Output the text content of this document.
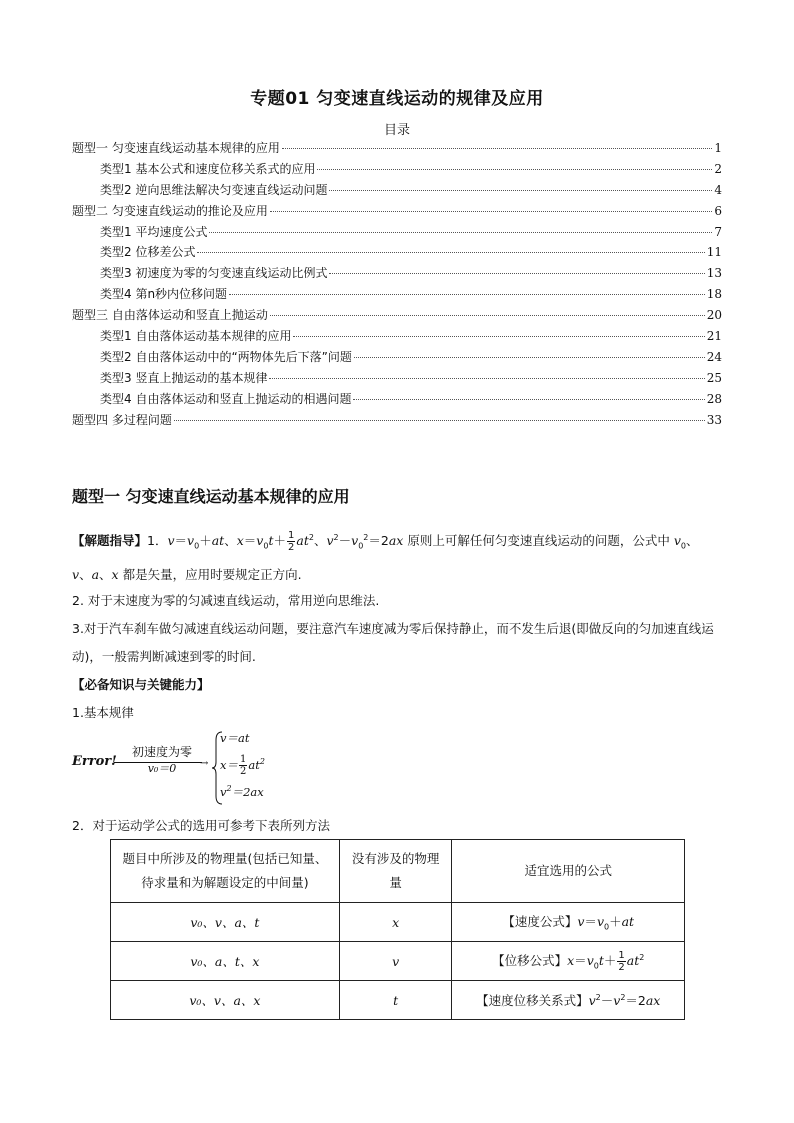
专题01 匀变速直线运动的规律及应用
目录
题型一 匀变速直线运动基本规律的应用	1
类型1 基本公式和速度位移关系式的应用	2
类型2 逆向思维法解决匀变速直线运动问题	4
题型二 匀变速直线运动的推论及应用	6
类型1 平均速度公式	7
类型2 位移差公式	11
类型3 初速度为零的匀变速直线运动比例式	13
类型4 第n秒内位移问题	18
题型三 自由落体运动和竖直上抛运动	20
类型1 自由落体运动基本规律的应用	21
类型2 自由落体运动中的“两物体先后下落”问题	24
类型3 竖直上抛运动的基本规律	25
类型4 自由落体运动和竖直上抛运动的相遇问题	28
题型四 多过程问题	33
题型一 匀变速直线运动基本规律的应用
【解题指导】1．$v=v_0+at$、$x=v_0t+ \frac{1}{2} at^2$、$v^2-v_0^2=2ax$ 原则上可解任何匀变速直线运动的问题，公式中 $v_0$、
v、a、x 都是矢量，应用时要规定正方向.
2. 对于末速度为零的匀减速直线运动，常用逆向思维法.
3.对于汽车刹车做匀减速直线运动问题，要注意汽车速度减为零后保持静止，而不发生后退(即做反向的匀加速直线运动)，一般需判断减速到零的时间.
【必备知识与关键能力】
1.基本规律
Error!
初速度为零
v₀＝0	→
v＝at
$x= \frac{1}{2} at^2$
$v^2=2ax$
2．对于运动学公式的选用可参考下表所列方法
题目中所涉及的物理量(包括已知量、待求量和为解题设定的中间量)	没有涉及的物理量	适宜选用的公式
v₀、v、a、t	x	【速度公式】$v=v_0+at$
v₀、a、t、x	v	【位移公式】$x=v_0t+ \frac{1}{2} at^2$
v₀、v、a、x	t	【速度位移关系式】$v^2-v^2=2ax$
